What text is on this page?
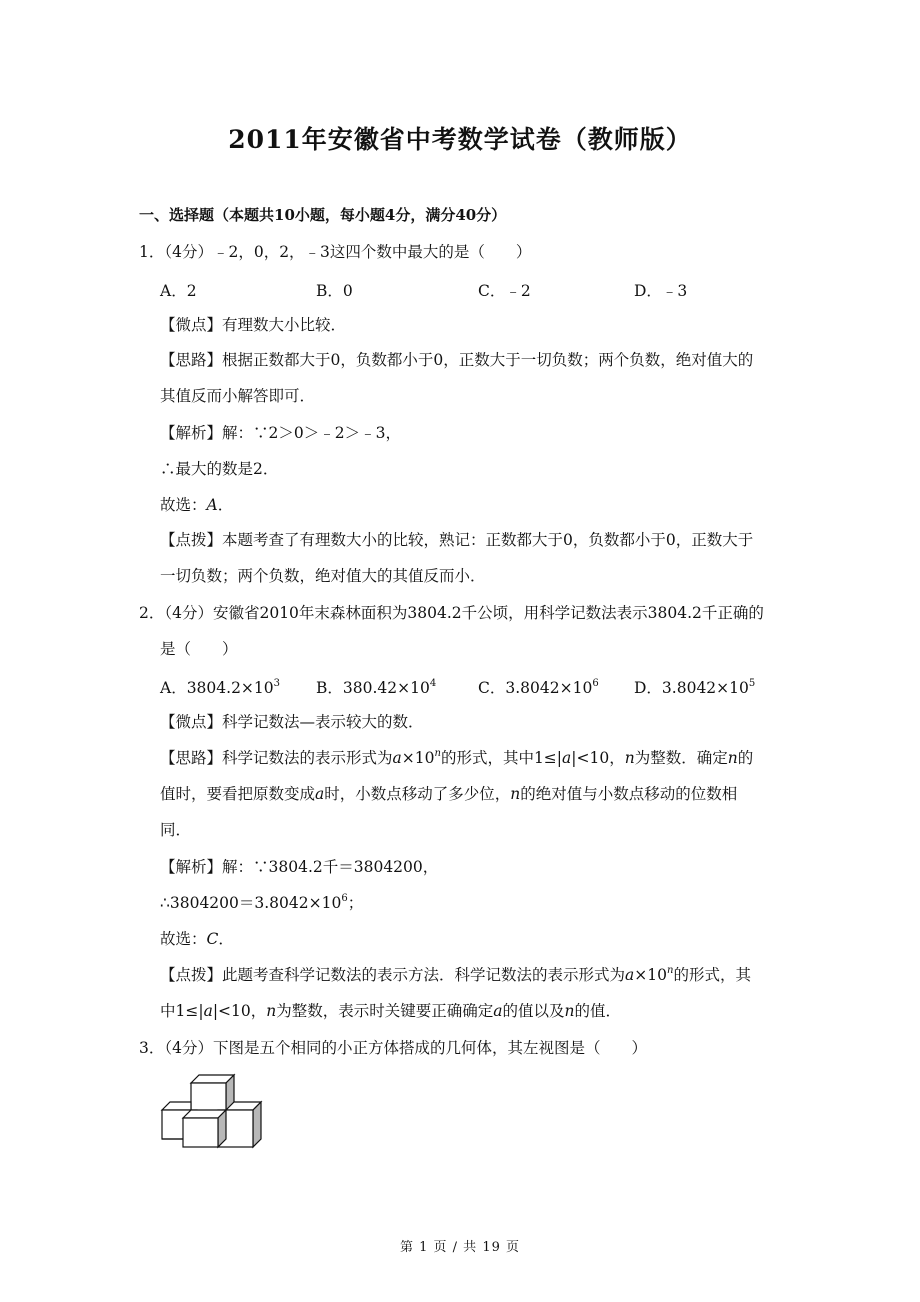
2011年安徽省中考数学试卷（教师版）
一、选择题（本题共10小题，每小题4分，满分40分）
1．（4分）﹣2，0，2，﹣3这四个数中最大的是（　　）
A．2	B．0	C．﹣2	D．﹣3
【微点】有理数大小比较．
【思路】根据正数都大于0，负数都小于0，正数大于一切负数；两个负数，绝对值大的
其值反而小解答即可．
【解析】解：∵2＞0＞﹣2＞﹣3，
∴最大的数是2．
故选：A．
【点拨】本题考查了有理数大小的比较，熟记：正数都大于0，负数都小于0，正数大于
一切负数；两个负数，绝对值大的其值反而小．
2．（4分）安徽省2010年末森林面积为3804.2千公顷，用科学记数法表示3804.2千正确的
是（　　）
A．$3804.2\times 10^3$ B．$380.42\times 10^4$	C．$3.8042\times 10^6$ D．$3.8042\times 10^5$
【微点】科学记数法—表示较大的数．
【思路】科学记数法的表示形式为$a\times 10^n$的形式，其中1≤|a|<10，n为整数．确定n的
值时，要看把原数变成a时，小数点移动了多少位，n的绝对值与小数点移动的位数相
同．
【解析】解：∵3804.2千＝3804200，
$\therefore 3804200=3.8042\times 10^6$；
故选：C．
【点拨】此题考查科学记数法的表示方法．科学记数法的表示形式为$a\times 10^n$的形式，其
中1≤|a|<10，n为整数，表示时关键要正确确定a的值以及n的值．
3．（4分）下图是五个相同的小正方体搭成的几何体，其左视图是（　　）
第 1 页 / 共 19 页
